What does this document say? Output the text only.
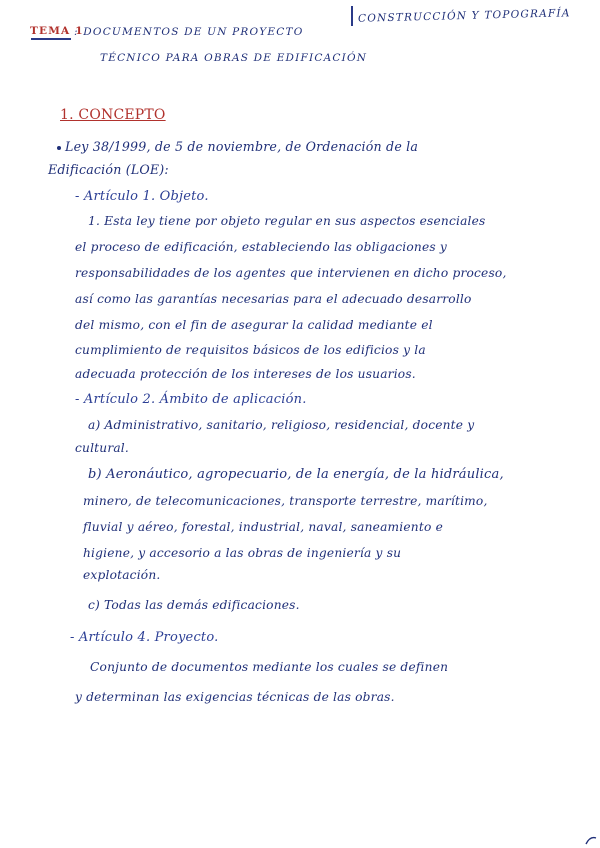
CONSTRUCCIÓN Y TOPOGRAFÍA
TEMA 1
: DOCUMENTOS DE UN PROYECTO
TÉCNICO PARA OBRAS DE EDIFICACIÓN
1. CONCEPTO
Ley 38/1999, de 5 de noviembre, de Ordenación de la
Edificación (LOE):
- Artículo 1. Objeto.
1. Esta ley tiene por objeto regular en sus aspectos esenciales
el proceso de edificación, estableciendo las obligaciones y
responsabilidades de los agentes que intervienen en dicho proceso,
así como las garantías necesarias para el adecuado desarrollo
del mismo, con el fin de asegurar la calidad mediante el
cumplimiento de requisitos básicos de los edificios y la
adecuada protección de los intereses de los usuarios.
- Artículo 2. Ámbito de aplicación.
a) Administrativo, sanitario, religioso, residencial, docente y
cultural.
b) Aeronáutico, agropecuario, de la energía, de la hidráulica,
minero, de telecomunicaciones, transporte terrestre, marítimo,
fluvial y aéreo, forestal, industrial, naval, saneamiento e
higiene, y accesorio a las obras de ingeniería y su
explotación.
c) Todas las demás edificaciones.
- Artículo 4. Proyecto.
Conjunto de documentos mediante los cuales se definen
y determinan las exigencias técnicas de las obras.
